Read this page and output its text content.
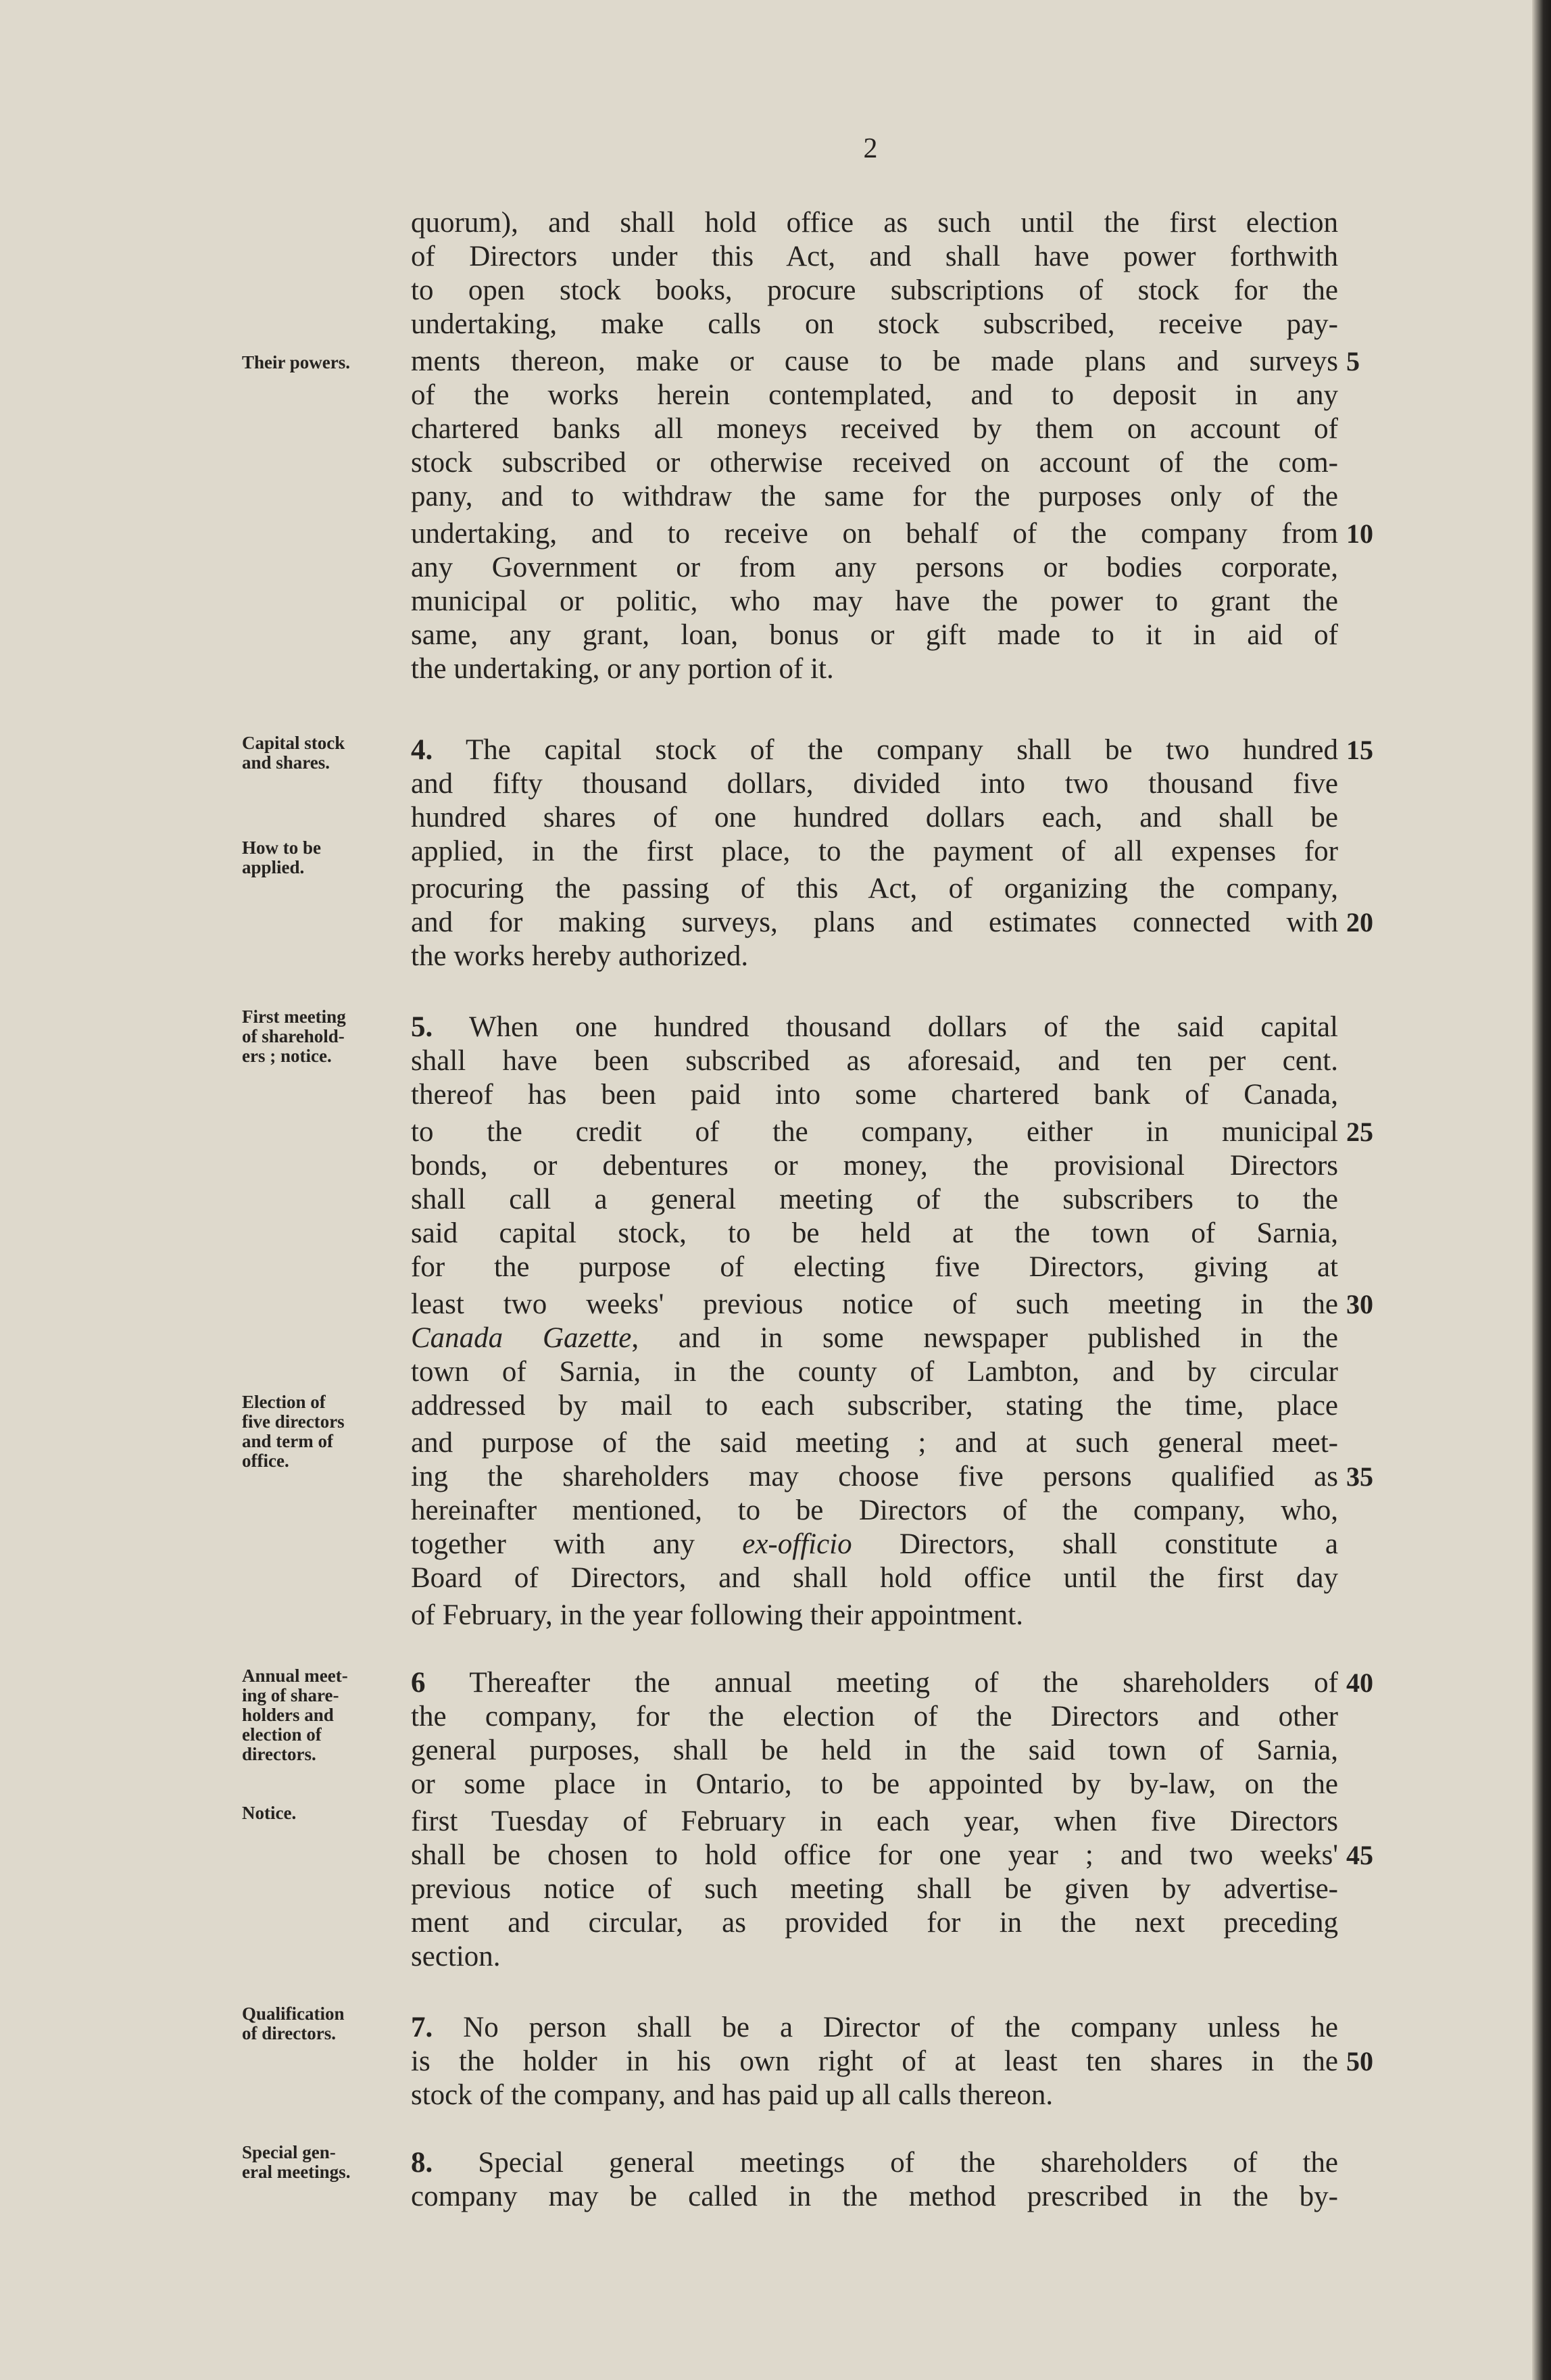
2
quorum), and shall hold office as such until the first election
of Directors under this Act, and shall have power forthwith
to open stock books, procure subscriptions of stock for the
undertaking, make calls on stock subscribed, receive pay-
ments thereon, make or cause to be made plans and surveys
of the works herein contemplated, and to deposit in any
chartered banks all moneys received by them on account of
stock subscribed or otherwise received on account of the com-
pany, and to withdraw the same for the purposes only of the
undertaking, and to receive on behalf of the company from
any Government or from any persons or bodies corporate,
municipal or politic, who may have the power to grant the
same, any grant, loan, bonus or gift made to it in aid of
the undertaking, or any portion of it.
4. The capital stock of the company shall be two hundred
and fifty thousand dollars, divided into two thousand five
hundred shares of one hundred dollars each, and shall be
applied, in the first place, to the payment of all expenses for
procuring the passing of this Act, of organizing the company,
and for making surveys, plans and estimates connected with
the works hereby authorized.
5. When one hundred thousand dollars of the said capital
shall have been subscribed as aforesaid, and ten per cent.
thereof has been paid into some chartered bank of Canada,
to the credit of the company, either in municipal
bonds, or debentures or money, the provisional Directors
shall call a general meeting of the subscribers to the
said capital stock, to be held at the town of Sarnia,
for the purpose of electing five Directors, giving at
least two weeks' previous notice of such meeting in the
Canada Gazette, and in some newspaper published in the
town of Sarnia, in the county of Lambton, and by circular
addressed by mail to each subscriber, stating the time, place
and purpose of the said meeting ; and at such general meet-
ing the shareholders may choose five persons qualified as
hereinafter mentioned, to be Directors of the company, who,
together with any ex-officio Directors, shall constitute a
Board of Directors, and shall hold office until the first day
of February, in the year following their appointment.
6 Thereafter the annual meeting of the shareholders of
the company, for the election of the Directors and other
general purposes, shall be held in the said town of Sarnia,
or some place in Ontario, to be appointed by by-law, on the
first Tuesday of February in each year, when five Directors
shall be chosen to hold office for one year ; and two weeks'
previous notice of such meeting shall be given by advertise-
ment and circular, as provided for in the next preceding
section.
7. No person shall be a Director of the company unless he
is the holder in his own right of at least ten shares in the
stock of the company, and has paid up all calls thereon.
8. Special general meetings of the shareholders of the
company may be called in the method prescribed in the by-
5
10
15
20
25
30
35
40
45
50
Their powers.
Capital stock
and shares.
How to be
applied.
First meeting
of sharehold-
ers ; notice.
Election of
five directors
and term of
office.
Annual meet-
ing of share-
holders and
election of
directors.
Notice.
Qualification
of directors.
Special gen-
eral meetings.
